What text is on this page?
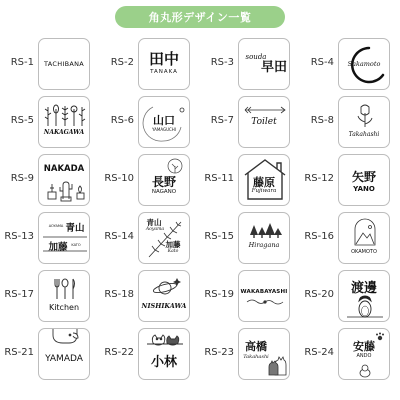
角丸形デザイン一覧
RS-1	TACHIBANA	RS-2 田中
TANAKA
RS-3	souda
早田	RS-4	Sakamoto
RS-5
NAKAGAWA
RS-6	山口
YAMAGUCHI
RS-7	Toilet	RS-8
Takahashi
RS-9
NAKADA
RS-10	長野
NAGANO
RS-11	藤原
Fujiwara
RS-12	矢野
YANO
RS-13
AOYAMA 青山
加藤	KATO
RS-14
青山
Aoyama
加藤
Kato
RS-15
Hiragana
RS-16
OKAMOTO
RS-17
Kitchen
RS-18
NISHIKAWA
RS-19 WAKABAYASHI	RS-20	渡邊
RS-21
YAMADA
RS-22
小林
RS-23	高橋
Takahashi	RS-24	安藤
ANDO
